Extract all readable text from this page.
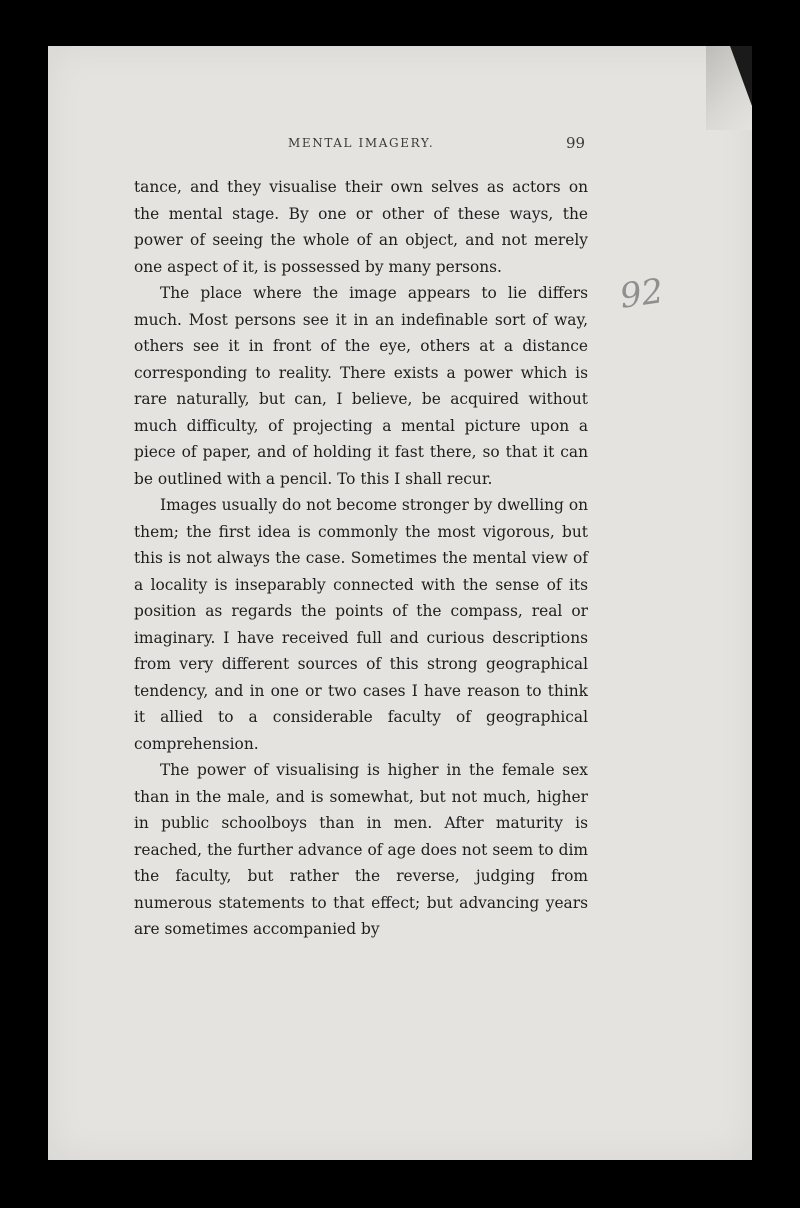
MENTAL IMAGERY.	99

tance, and they visualise their own selves as actors on the mental stage. By one or other of these ways, the power of seeing the whole of an object, and not merely one aspect of it, is possessed by many persons.

The place where the image appears to lie differs much. Most persons see it in an indefinable sort of way, others see it in front of the eye, others at a distance corresponding to reality. There exists a power which is rare naturally, but can, I believe, be acquired without much difficulty, of projecting a mental picture upon a piece of paper, and of holding it fast there, so that it can be outlined with a pencil. To this I shall recur.

Images usually do not become stronger by dwelling on them; the first idea is commonly the most vigorous, but this is not always the case. Sometimes the mental view of a locality is inseparably connected with the sense of its position as regards the points of the compass, real or imaginary. I have received full and curious descriptions from very different sources of this strong geographical tendency, and in one or two cases I have reason to think it allied to a considerable faculty of geographical comprehension.

The power of visualising is higher in the female sex than in the male, and is somewhat, but not much, higher in public schoolboys than in men. After maturity is reached, the further advance of age does not seem to dim the faculty, but rather the reverse, judging from numerous statements to that effect; but advancing years are sometimes accompanied by

92
